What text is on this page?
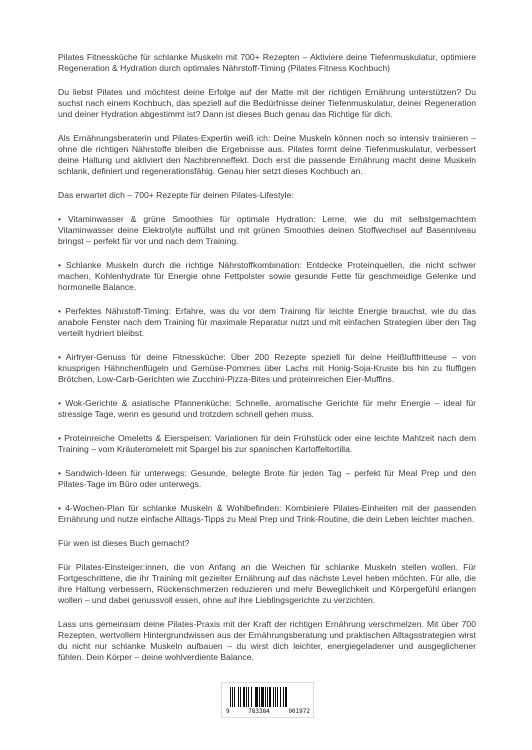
Pilates Fitnessküche für schlanke Muskeln mit 700+ Rezepten – Aktiviere deine Tiefenmuskulatur, optimiere Regeneration & Hydration durch optimales Nährstoff-Timing (Pilates Fitness Kochbuch)

Du liebst Pilates und möchtest deine Erfolge auf der Matte mit der richtigen Ernährung unterstützen? Du suchst nach einem Kochbuch, das speziell auf die Bedürfnisse deiner Tiefenmuskulatur, deiner Regeneration und deiner Hydration abgestimmt ist? Dann ist dieses Buch genau das Richtige für dich.

Als Ernährungsberaterin und Pilates-Expertin weiß ich: Deine Muskeln können noch so intensiv trainieren – ohne die richtigen Nährstoffe bleiben die Ergebnisse aus. Pilates formt deine Tiefenmuskulatur, verbessert deine Haltung und aktiviert den Nachbrenneffekt. Doch erst die passende Ernährung macht deine Muskeln schlank, definiert und regenerationsfähig. Genau hier setzt dieses Kochbuch an.

Das erwartet dich – 700+ Rezepte für deinen Pilates-Lifestyle:

• Vitaminwasser & grüne Smoothies für optimale Hydration: Lerne, wie du mit selbstgemachtem Vitaminwasser deine Elektrolyte auffüllst und mit grünen Smoothies deinen Stoffwechsel auf Basenniveau bringst – perfekt für vor und nach dem Training.

• Schlanke Muskeln durch die richtige Nährstoffkombination: Entdecke Proteinquellen, die nicht schwer machen, Kohlenhydrate für Energie ohne Fettpolster sowie gesunde Fette für geschmeidige Gelenke und hormonelle Balance.

• Perfektes Nährstoff-Timing: Erfahre, was du vor dem Training für leichte Energie brauchst, wie du das anabole Fenster nach dem Training für maximale Reparatur nutzt und mit einfachen Strategien über den Tag verteilt hydriert bleibst.

• Airfryer-Genuss für deine Fitnessküche: Über 200 Rezepte speziell für deine Heißluftfritteuse – von knusprigen Hähnchenflügeln und Gemüse-Pommes über Lachs mit Honig-Soja-Kruste bis hin zu fluffigen Brötchen, Low-Carb-Gerichten wie Zucchini-Pizza-Bites und proteinreichen Eier-Muffins.

• Wok-Gerichte & asiatische Pfannenküche: Schnelle, aromatische Gerichte für mehr Energie – ideal für stressige Tage, wenn es gesund und trotzdem schnell gehen muss.

• Proteinreiche Omeletts & Eierspeisen: Variationen für dein Frühstück oder eine leichte Mahlzeit nach dem Training – vom Kräuteromelett mit Spargel bis zur spanischen Kartoffeltortilla.

• Sandwich-Ideen für unterwegs: Gesunde, belegte Brote für jeden Tag – perfekt für Meal Prep und den Pilates-Tage im Büro oder unterwegs.

• 4-Wochen-Plan für schlanke Muskeln & Wohlbefinden: Kombiniere Pilates-Einheiten mit der passenden Ernährung und nutze einfache Alltags-Tipps zu Meal Prep und Trink-Routine, die dein Leben leichter machen.

Für wen ist dieses Buch gemacht?

Für Pilates-Einsteiger:innen, die von Anfang an die Weichen für schlanke Muskeln stellen wollen. Für Fortgeschrittene, die ihr Training mit gezielter Ernährung auf das nächste Level heben möchten. Für alle, die ihre Haltung verbessern, Rückenschmerzen reduzieren und mehr Beweglichkeit und Körpergefühl erlangen wollen – und dabei genussvoll essen, ohne auf ihre Lieblingsgerichte zu verzichten.

Lass uns gemeinsam deine Pilates-Praxis mit der Kraft der richtigen Ernährung verschmelzen. Mit über 700 Rezepten, wertvollem Hintergrundwissen aus der Ernährungsberatung und praktischen Alltagsstrategien wirst du nicht nur schlanke Muskeln aufbauen – du wirst dich leichter, energiegeladener und ausgeglichener fühlen. Dein Körper – deine wohlverdiente Balance.

9	783384	901972
